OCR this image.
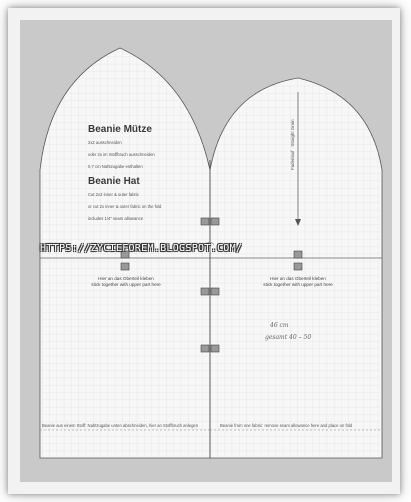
Beanie Mütze
2x2 ausschneiden
oder 2x im Stoffbruch ausschneiden
0,7 cm Nahtzugabe enthalten
Beanie Hat
Cut 2x2 inner & outer fabric
or cut 2x inner & outer fabric on the fold
includes 1/4" seam allowance
Hier an das Oberteil kleben
stick together with upper part here
Hier an das Oberteil kleben
stick together with upper part here
Fadenlauf · Straight Grain
46 cm
gesamt 40 – 50
Beanie aus einem Stoff: Nahtzugabe unten abschneiden, hier an Stoffbruch anlegen	Beanie from one fabric: remove seam allowance here and place on fold
HTTPS://ZYCIEFOREM.BLOGSPOT.COM/
